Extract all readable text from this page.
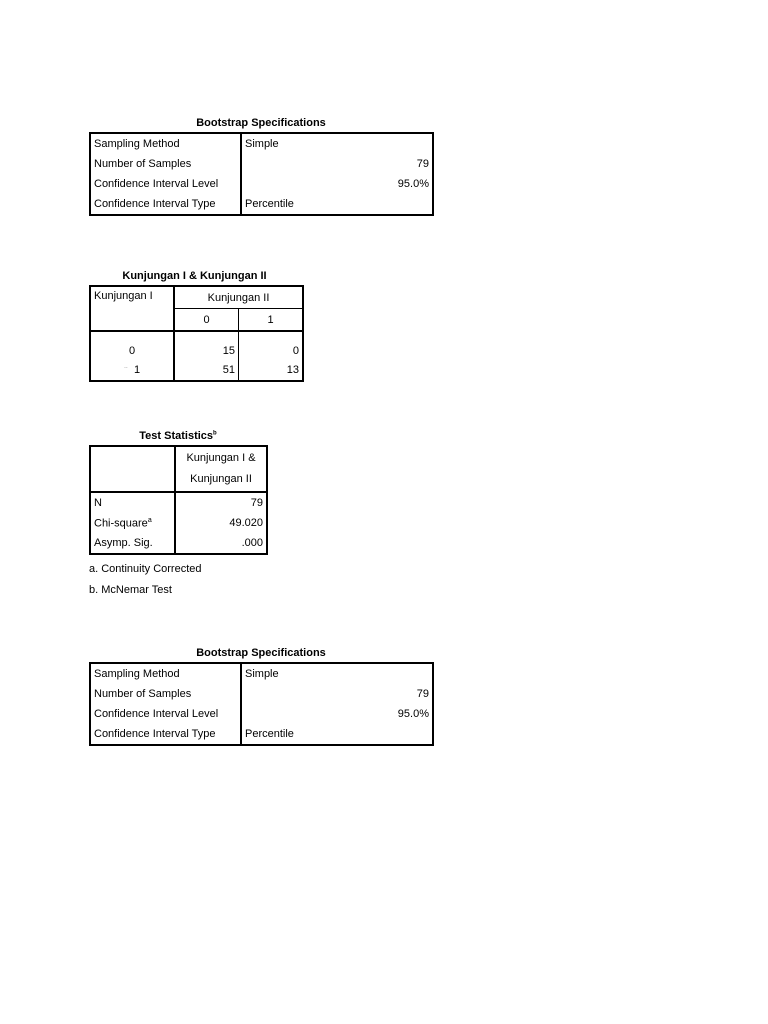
Bootstrap Specifications
Sampling Method	Simple
Number of Samples	79
Confidence Interval Level	95.0%
Confidence Interval Type	Percentile
Kunjungan I & Kunjungan II
Kunjungan I	Kunjungan II	
	0	1
0	15	0
·· 1	51	13
Test Statistics$^b$

	Kunjungan I &
Kunjungan II

N	79
Chi-square$^a$	49.020
Asymp. Sig.	.000
a. Continuity Corrected
b. McNemar Test
Bootstrap Specifications
Sampling Method	Simple
Number of Samples	79
Confidence Interval Level	95.0%
Confidence Interval Type	Percentile
